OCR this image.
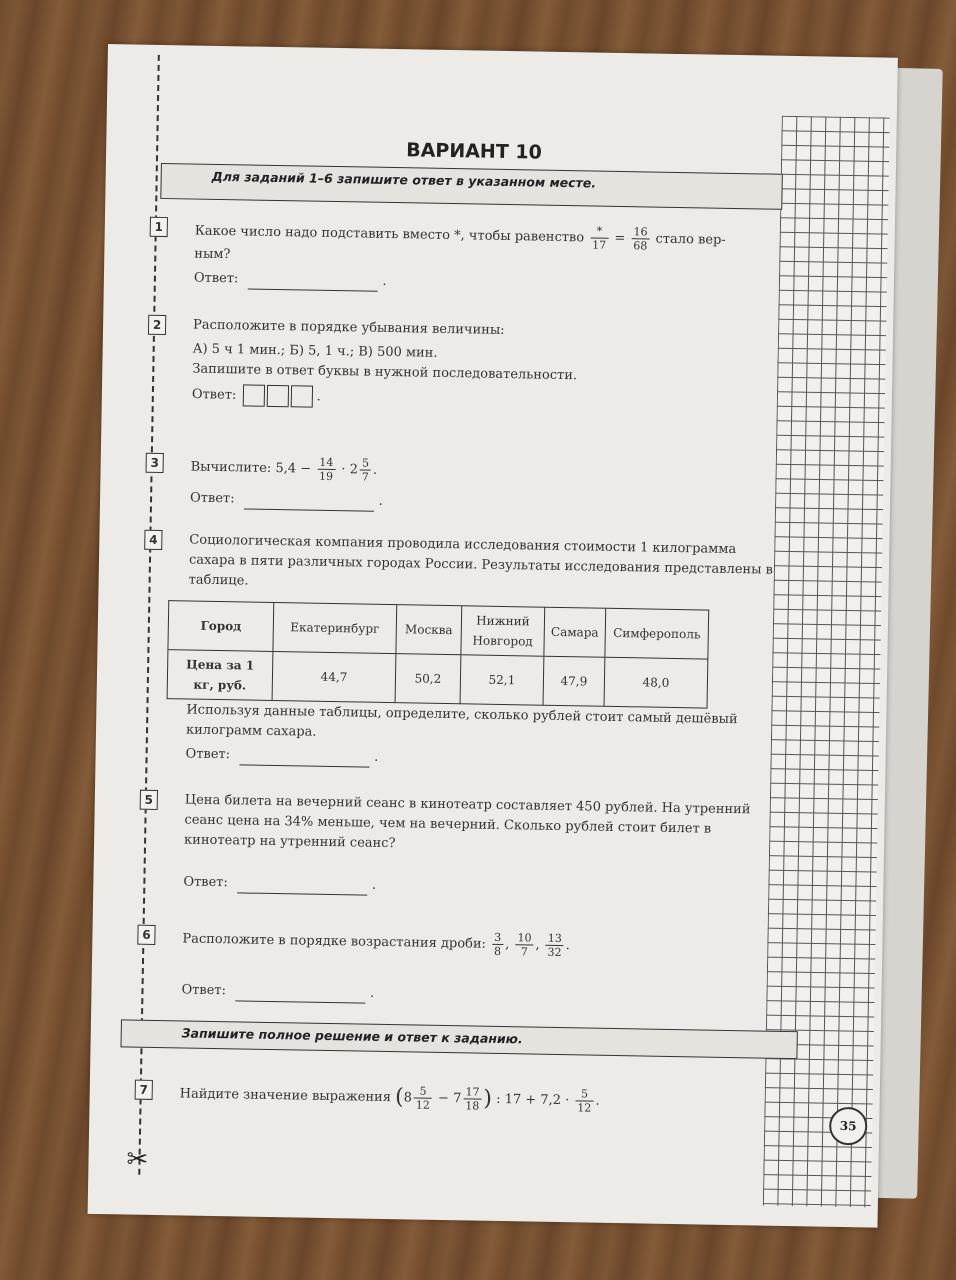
✂
ВАРИАНТ 10
Для заданий 1–6 запишите ответ в указанном месте.
1	Какое число надо подставить вместо *, чтобы равенство $\frac{*}{17} = \frac{16}{68}$ стало вер-
ным?
Ответ:	.
2	Расположите в порядке убывания величины:
А) 5 ч 1 мин.; Б) 5, 1 ч.; В) 500 мин.
Запишите в ответ буквы в нужной последовательности.
Ответ:	.
3	Вычислите: $5,4 - \frac{14}{19} \cdot 2 \frac{5}{7}$ .
Ответ:	.
4	Социологическая компания проводила исследования стоимости 1 килограмма сахара в пяти различных городах России. Результаты исследования представлены в таблице.
Город	Екатеринбург	Москва	Нижний Новгород	Самара	Симферополь
Цена за 1 кг, руб.	44,7	50,2	52,1	47,9	48,0
Используя данные таблицы, определите, сколько рублей стоит самый дешёвый килограмм сахара.
Ответ:	.
5	Цена билета на вечерний сеанс в кинотеатр составляет 450 рублей. На утренний сеанс цена на 34% меньше, чем на вечерний. Сколько рублей стоит билет в кинотеатр на утренний сеанс?
Ответ:	.
6	Расположите в порядке возрастания дроби: $\frac{3}{8}$ , $\frac{10}{7}$ , $\frac{13}{32}$ .
Ответ:	.
Запишите полное решение и ответ к заданию.
7	Найдите значение выражения ($8 \frac{5}{12} - 7 \frac{17}{18}$ ) : $17 + 7,2 \cdot \frac{5}{12}$ .
35
